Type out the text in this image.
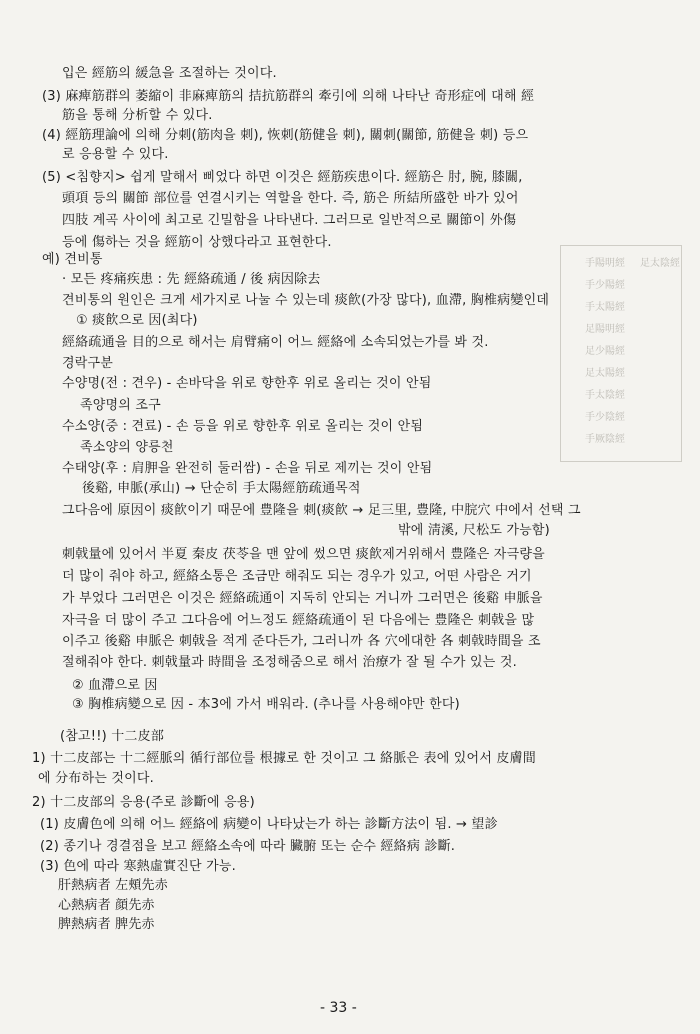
手陽明經
手少陽經
手太陽經
足陽明經
足少陽經
足太陽經
手太陰經
手少陰經
手厥陰經
足太陰經
입은 經筋의 緩急을 조절하는 것이다.
(3) 麻痺筋群의 萎縮이 非麻痺筋의 拮抗筋群의 牽引에 의해 나타난 奇形症에 대해 經
筋을 통해 分析할 수 있다.
(4) 經筋理論에 의해 分刺(筋肉을 刺), 恢刺(筋健을 刺), 關刺(關節, 筋健을 刺) 등으
로 응용할 수 있다.
(5) <침향지> 쉽게 말해서 삐었다 하면 이것은 經筋疾患이다. 經筋은 肘, 腕, 膝關,
頭項 등의 關節 部位를 연결시키는 역할을 한다. 즉, 筋은 所結所盛한 바가 있어
四肢 계곡 사이에 최고로 긴밀함을 나타낸다. 그러므로 일반적으로 關節이 外傷
등에 傷하는 것을 經筋이 상했다라고 표현한다.
예) 견비통
· 모든 疼痛疾患 : 先 經絡疏通 / 後 病因除去
견비통의 원인은 크게 세가지로 나눌 수 있는데 痰飮(가장 많다), 血滯, 胸椎病變인데
① 痰飮으로 因(최다)
經絡疏通을 目的으로 해서는 肩臂痛이 어느 經絡에 소속되었는가를 봐 것.
경락구분
수양명(전 : 견우) - 손바닥을 위로 향한후 위로 올리는 것이 안됨
족양명의 조구
수소양(중 : 견료) - 손 등을 위로 향한후 위로 올리는 것이 안됨
족소양의 양릉천
수태양(후 : 肩胛을 완전히 둘러쌈) - 손을 뒤로 제끼는 것이 안됨
後谿, 申脈(承山) → 단순히 手太陽經筋疏通목적
그다음에 原因이 痰飮이기 때문에 豊隆을 刺(痰飮 → 足三里, 豊隆, 中脘穴 中에서 선택 그
밖에 淸溪, 尺松도 가능함)
刺戟量에 있어서 半夏 秦皮 茯苓을 맨 앞에 썼으면 痰飮제거위해서 豊隆은 자극량을
더 많이 줘야 하고, 經絡소통은 조금만 해줘도 되는 경우가 있고, 어떤 사람은 거기
가 부었다 그러면은 이것은 經絡疏通이 지독히 안되는 거니까 그러면은 後谿 申脈을
자극을 더 많이 주고 그다음에 어느정도 經絡疏通이 된 다음에는 豊隆은 刺戟을 많
이주고 後谿 申脈은 刺戟을 적게 준다든가, 그러니까 各 穴에대한 各 刺戟時間을 조
절해줘야 한다. 刺戟量과 時間을 조정해줌으로 해서 治療가 잘 될 수가 있는 것.
② 血滯으로 因
③ 胸椎病變으로 因 - 本3에 가서 배워라. (추나를 사용해야만 한다)
(참고!!) 十二皮部
1) 十二皮部는 十二經脈의 循行部位를 根據로 한 것이고 그 絡脈은 表에 있어서 皮膚間
에 分布하는 것이다.
2) 十二皮部의 응용(주로 診斷에 응용)
(1) 皮膚色에 의해 어느 經絡에 病變이 나타났는가 하는 診斷方法이 됨. → 望診
(2) 종기나 경결점을 보고 經絡소속에 따라 臟腑 또는 순수 經絡病 診斷.
(3) 色에 따라 寒熱虛實진단 가능.
肝熱病者 左頰先赤
心熱病者 顔先赤
脾熱病者 脾先赤
- 33 -
